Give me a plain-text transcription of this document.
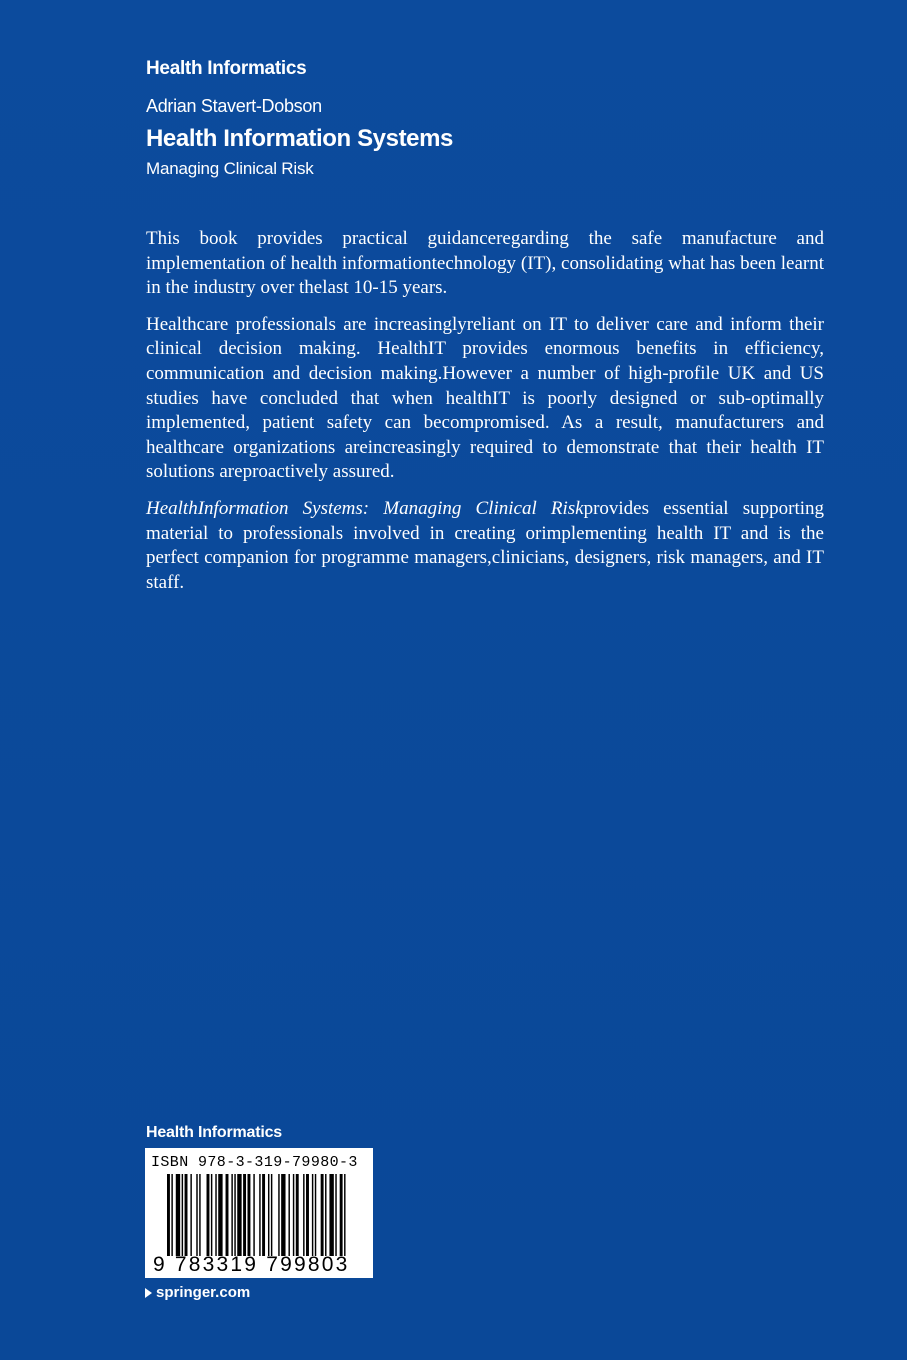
Health Informatics
Adrian Stavert-Dobson
Health Information Systems
Managing Clinical Risk

This book provides practical guidanceregarding the safe manufacture and implementation of health informationtechnology (IT), consolidating what has been learnt in the industry over thelast 10-15 years.

Healthcare professionals are increasinglyreliant on IT to deliver care and inform their clinical decision making. HealthIT provides enormous benefits in efficiency, communication and decision making.However a number of high-profile UK and US studies have concluded that when healthIT is poorly designed or sub-optimally implemented, patient safety can becompromised. As a result, manufacturers and healthcare organizations areincreasingly required to demonstrate that their health IT solutions areproactively assured.

HealthInformation Systems: Managing Clinical Riskprovides essential supporting material to professionals involved in creating orimplementing health IT and is the perfect companion for programme managers,clinicians, designers, risk managers, and IT staff.

Health Informatics
ISBN 978-3-319-79980-3
9 783319 799803
springer.com
